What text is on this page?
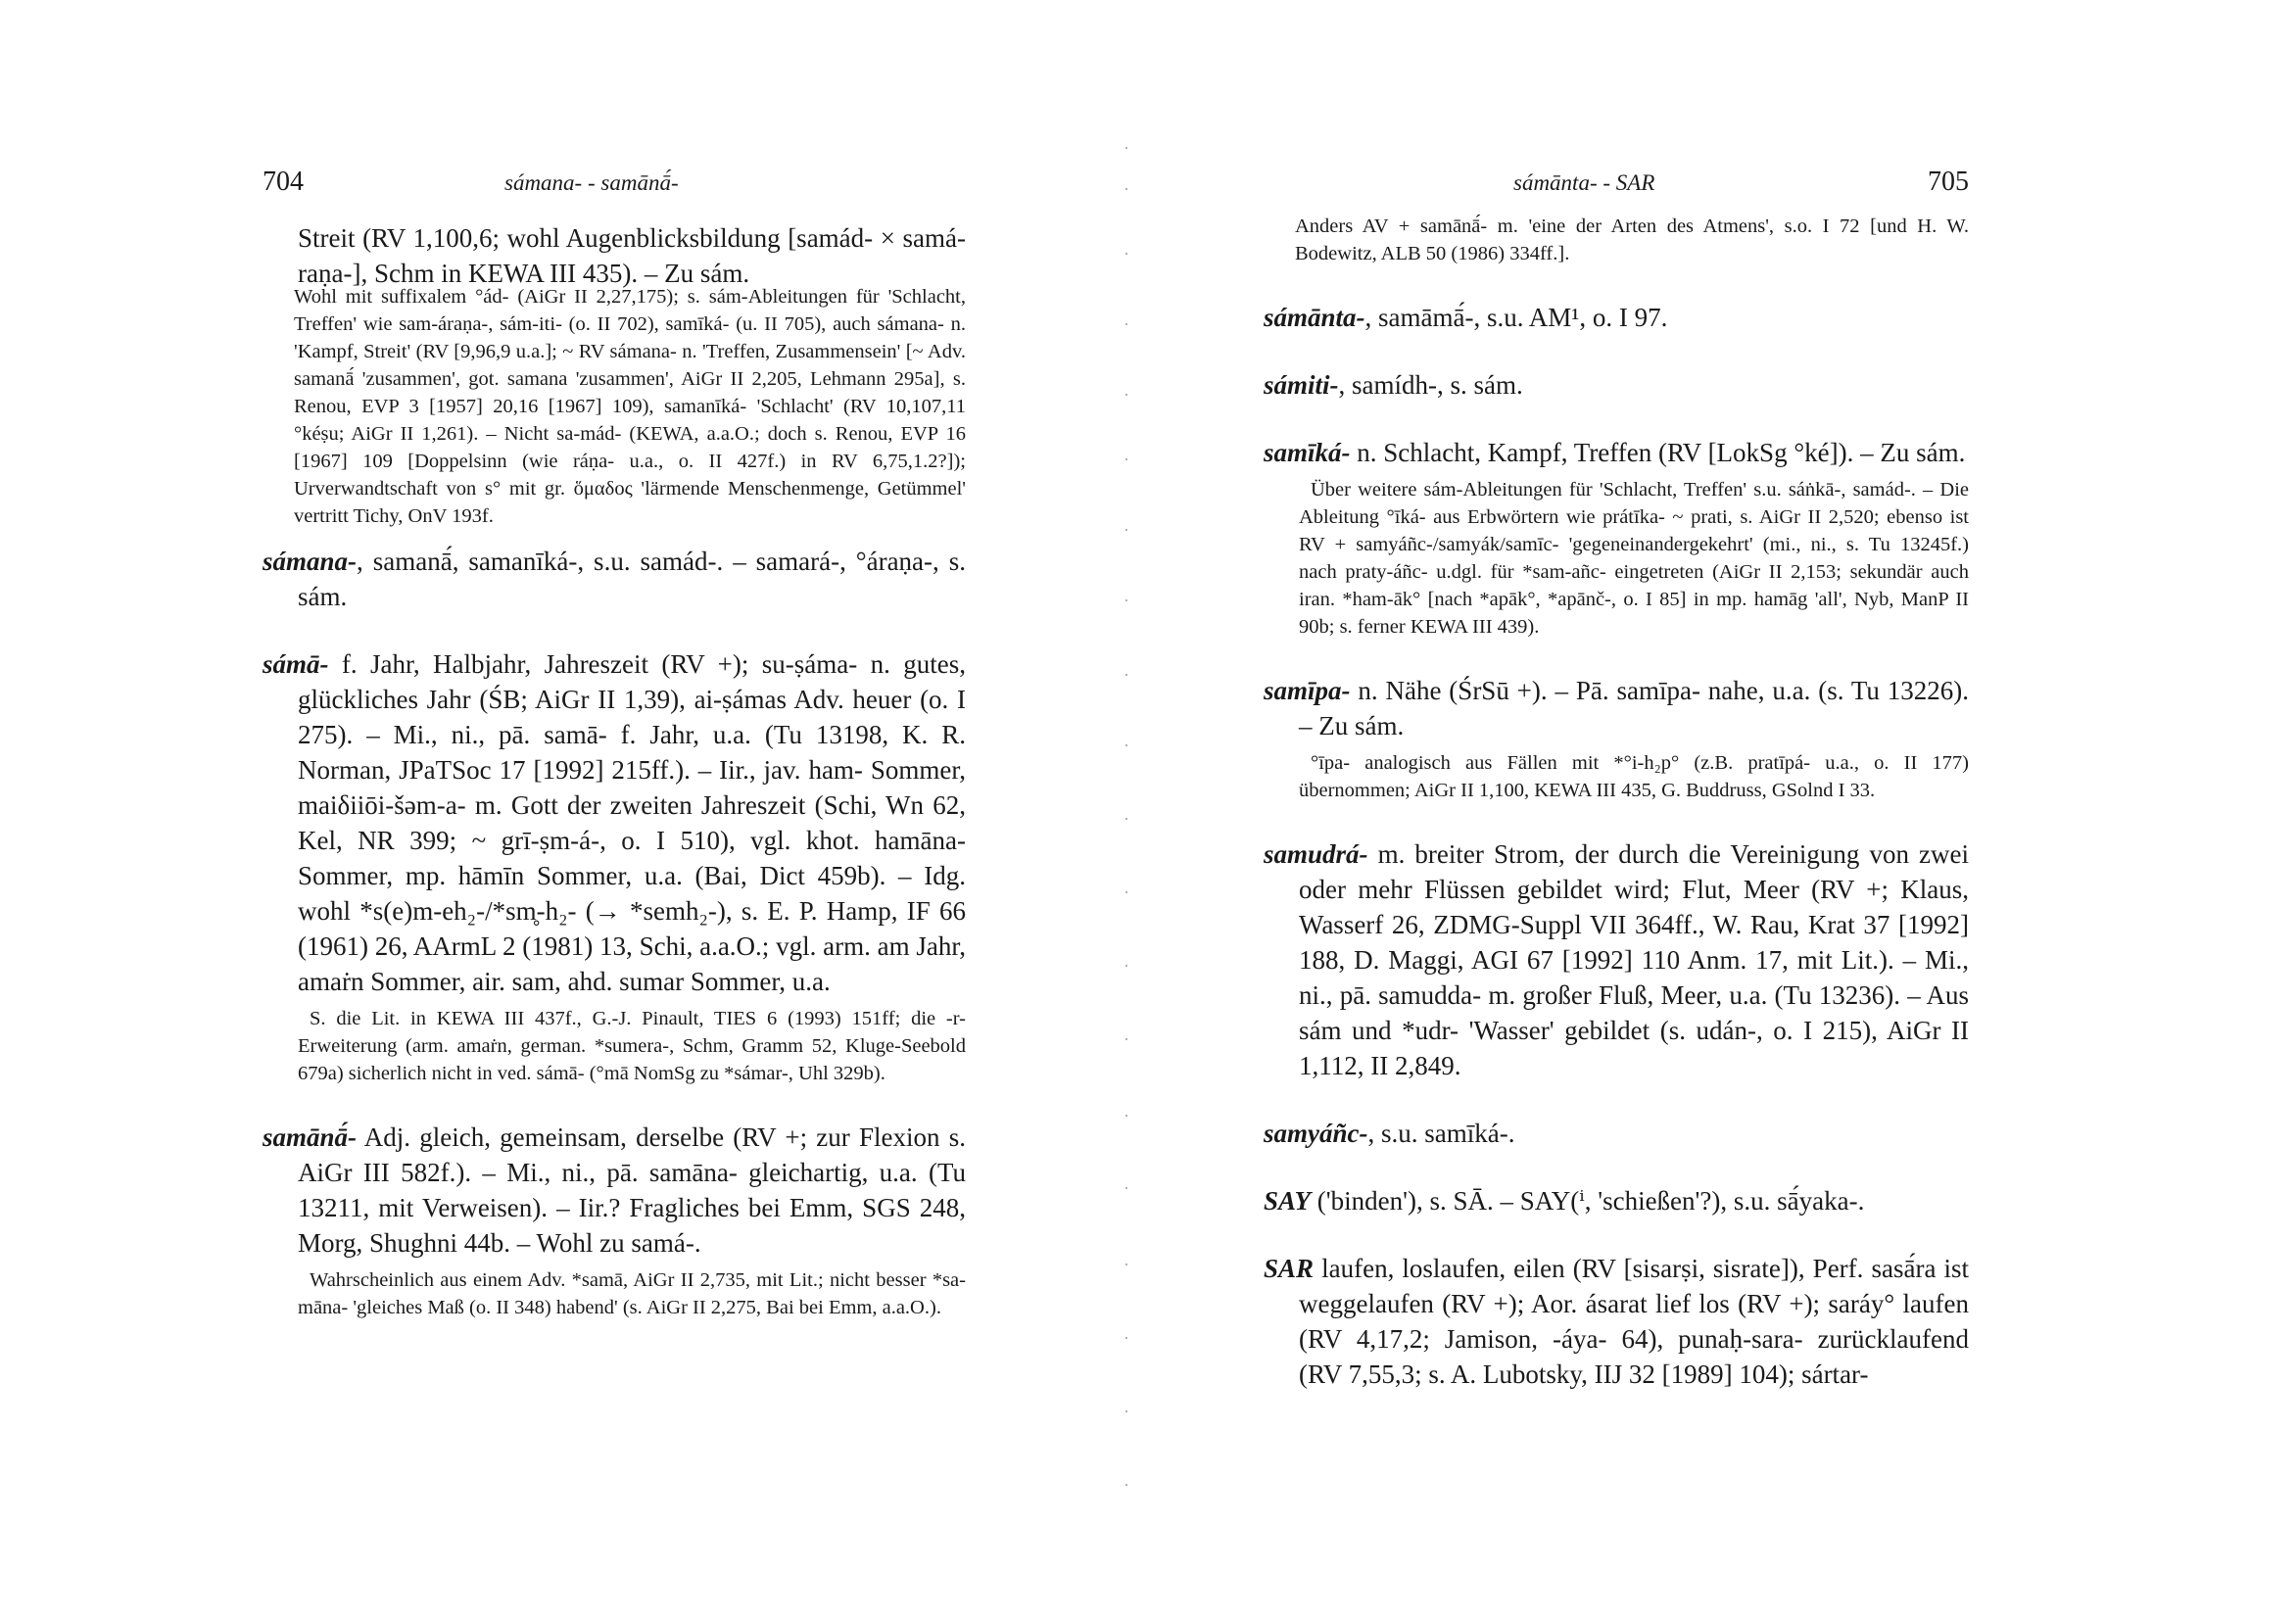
704	sámana- - samānā́-

Streit (RV 1,100,6; wohl Augenblicksbildung [samád- × samá-raṇa-], Schm in KEWA III 435). – Zu sám.

Wohl mit suffixalem °ád- (AiGr II 2,27,175); s. sám-Ableitungen für 'Schlacht, Treffen' wie sam-áraṇa-, sám-iti- (o. II 702), samīká- (u. II 705), auch sámana- n. 'Kampf, Streit' (RV [9,96,9 u.a.]; ~ RV sámana- n. 'Treffen, Zusammensein' [~ Adv. samanā́ 'zusammen', got. samana 'zusammen', AiGr II 2,205, Lehmann 295a], s. Renou, EVP 3 [1957] 20,16 [1967] 109), samanīká- 'Schlacht' (RV 10,107,11 °kéṣu; AiGr II 1,261). – Nicht sa-mád- (KEWA, a.a.O.; doch s. Renou, EVP 16 [1967] 109 [Doppelsinn (wie ráṇa- u.a., o. II 427f.) in RV 6,75,1.2?]); Urverwandtschaft von s° mit gr. ὅμαδος 'lärmende Menschenmenge, Getümmel' vertritt Tichy, OnV 193f.

sámana-, samanā́, samanīká-, s.u. samád-. – samará-, °áraṇa-, s. sám.

sámā- f. Jahr, Halbjahr, Jahreszeit (RV +); su-ṣáma- n. gutes, glückliches Jahr (ŚB; AiGr II 1,39), ai-ṣámas Adv. heuer (o. I 275). – Mi., ni., pā. samā- f. Jahr, u.a. (Tu 13198, K. R. Norman, JPaTSoc 17 [1992] 215ff.). – Iir., jav. ham- Sommer, maiδiiōi-šəm-a- m. Gott der zweiten Jahreszeit (Schi, Wn 62, Kel, NR 399; ~ grī-ṣm-á-, o. I 510), vgl. khot. hamāna- Sommer, mp. hāmīn Sommer, u.a. (Bai, Dict 459b). – Idg. wohl *s(e)m-eh₂-/*sm̥-h₂- (→ *semh₂-), s. E. P. Hamp, IF 66 (1961) 26, AArmL 2 (1981) 13, Schi, a.a.O.; vgl. arm. am Jahr, amaṙn Sommer, air. sam, ahd. sumar Sommer, u.a.

S. die Lit. in KEWA III 437f., G.-J. Pinault, TIES 6 (1993) 151ff; die -r-Erweiterung (arm. amaṙn, german. *sumera-, Schm, Gramm 52, Kluge-Seebold 679a) sicherlich nicht in ved. sámā- (°mā NomSg zu *sámar-, Uhl 329b).

samānā́- Adj. gleich, gemeinsam, derselbe (RV +; zur Flexion s. AiGr III 582f.). – Mi., ni., pā. samāna- gleichartig, u.a. (Tu 13211, mit Verweisen). – Iir.? Fragliches bei Emm, SGS 248, Morg, Shughni 44b. – Wohl zu samá-.

Wahrscheinlich aus einem Adv. *samā, AiGr II 2,735, mit Lit.; nicht besser *sa-māna- 'gleiches Maß (o. II 348) habend' (s. AiGr II 2,275, Bai bei Emm, a.a.O.).

sámānta- - SAR	705

Anders AV + samānā́- m. 'eine der Arten des Atmens', s.o. I 72 [und H. W. Bodewitz, ALB 50 (1986) 334ff.].

sámānta-, samāmā́-, s.u. AM¹, o. I 97.

sámiti-, samídh-, s. sám.

samīká- n. Schlacht, Kampf, Treffen (RV [LokSg °ké]). – Zu sám.

Über weitere sám-Ableitungen für 'Schlacht, Treffen' s.u. sáṅkā-, samád-. – Die Ableitung °īká- aus Erbwörtern wie prátīka- ~ prati, s. AiGr II 2,520; ebenso ist RV + samyáñc-/samyák/samīc- 'gegeneinandergekehrt' (mi., ni., s. Tu 13245f.) nach praty-áñc- u.dgl. für *sam-añc- eingetreten (AiGr II 2,153; sekundär auch iran. *ham-āk° [nach *apāk°, *apānč-, o. I 85] in mp. hamāg 'all', Nyb, ManP II 90b; s. ferner KEWA III 439).

samīpa- n. Nähe (ŚrSū +). – Pā. samīpa- nahe, u.a. (s. Tu 13226). – Zu sám.

°īpa- analogisch aus Fällen mit *°i-h₂p° (z.B. pratīpá- u.a., o. II 177) übernommen; AiGr II 1,100, KEWA III 435, G. Buddruss, GSolnd I 33.

samudrá- m. breiter Strom, der durch die Vereinigung von zwei oder mehr Flüssen gebildet wird; Flut, Meer (RV +; Klaus, Wasserf 26, ZDMG-Suppl VII 364ff., W. Rau, Krat 37 [1992] 188, D. Maggi, AGI 67 [1992] 110 Anm. 17, mit Lit.). – Mi., ni., pā. samudda- m. großer Fluß, Meer, u.a. (Tu 13236). – Aus sám und *udr- 'Wasser' gebildet (s. udán-, o. I 215), AiGr II 1,112, II 2,849.

samyáñc-, s.u. samīká-.

SAY ('binden'), s. SĀ. – SAY(ⁱ, 'schießen'?), s.u. sā́yaka-.

SAR laufen, loslaufen, eilen (RV [sisarṣi, sisrate]), Perf. sasā́ra ist weggelaufen (RV +); Aor. ásarat lief los (RV +); saráy° laufen (RV 4,17,2; Jamison, -áya- 64), punaḥ-sara- zurücklaufend (RV 7,55,3; s. A. Lubotsky, IIJ 32 [1989] 104); sártar-
